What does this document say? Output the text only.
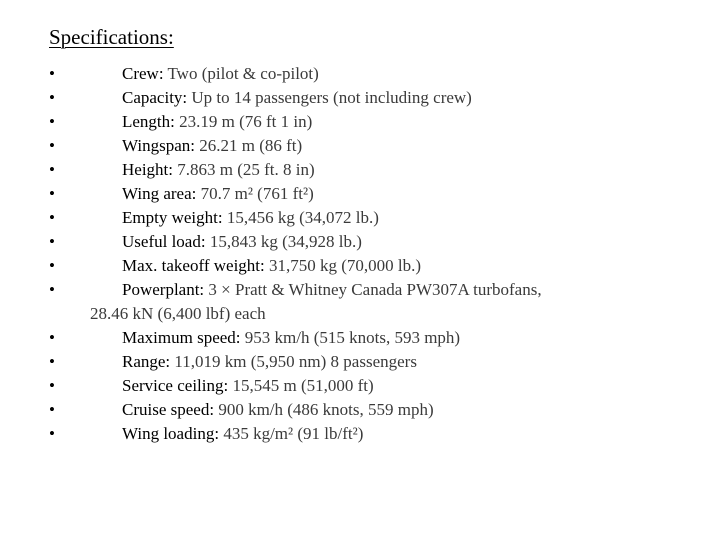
Specifications:
•	Crew: Two (pilot & co-pilot)
•	Capacity: Up to 14 passengers (not including crew)
•	Length: 23.19 m (76 ft 1 in)
•	Wingspan: 26.21 m (86 ft)
•	Height: 7.863 m (25 ft. 8 in)
•	Wing area: 70.7 m² (761 ft²)
•	Empty weight: 15,456 kg (34,072 lb.)
•	Useful load: 15,843 kg (34,928 lb.)
•	Max. takeoff weight: 31,750 kg (70,000 lb.)
•	Powerplant: 3 × Pratt & Whitney Canada PW307A turbofans,
28.46 kN (6,400 lbf) each
•	Maximum speed: 953 km/h (515 knots, 593 mph)
•	Range: 11,019 km (5,950 nm) 8 passengers
•	Service ceiling: 15,545 m (51,000 ft)
•	Cruise speed: 900 km/h (486 knots, 559 mph)
•	Wing loading: 435 kg/m² (91 lb/ft²)
